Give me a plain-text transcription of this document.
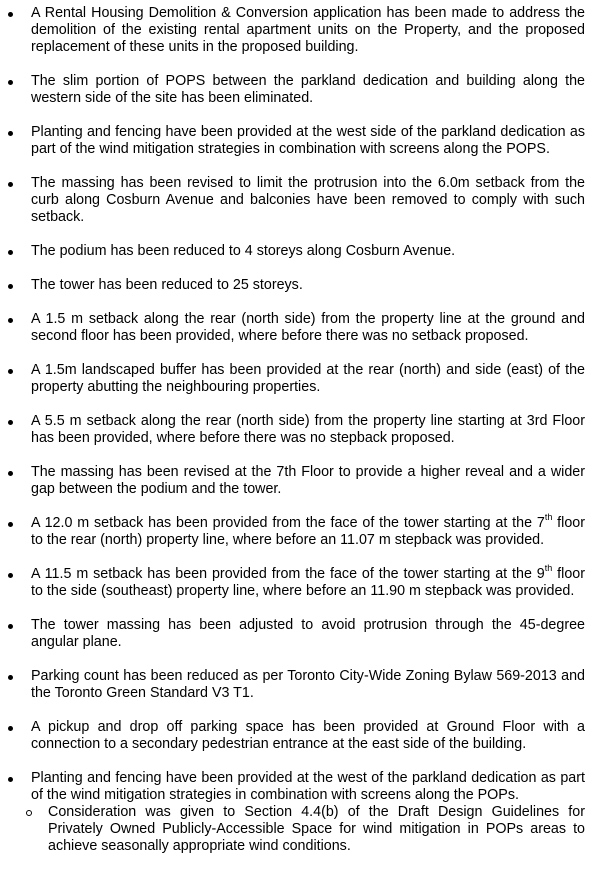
A Rental Housing Demolition & Conversion application has been made to address the demolition of the existing rental apartment units on the Property, and the proposed replacement of these units in the proposed building.
The slim portion of POPS between the parkland dedication and building along the western side of the site has been eliminated.
Planting and fencing have been provided at the west side of the parkland dedication as part of the wind mitigation strategies in combination with screens along the POPS.
The massing has been revised to limit the protrusion into the 6.0m setback from the curb along Cosburn Avenue and balconies have been removed to comply with such setback.
The podium has been reduced to 4 storeys along Cosburn Avenue.
The tower has been reduced to 25 storeys.
A 1.5 m setback along the rear (north side) from the property line at the ground and second floor has been provided, where before there was no setback proposed.
A 1.5m landscaped buffer has been provided at the rear (north) and side (east) of the property abutting the neighbouring properties.
A 5.5 m setback along the rear (north side) from the property line starting at 3rd Floor has been provided, where before there was no stepback proposed.
The massing has been revised at the 7th Floor to provide a higher reveal and a wider gap between the podium and the tower.
A 12.0 m setback has been provided from the face of the tower starting at the 7th floor to the rear (north) property line, where before an 11.07 m stepback was provided.
A 11.5 m setback has been provided from the face of the tower starting at the 9th floor to the side (southeast) property line, where before an 11.90 m stepback was provided.
The tower massing has been adjusted to avoid protrusion through the 45-degree angular plane.
Parking count has been reduced as per Toronto City-Wide Zoning Bylaw 569-2013 and the Toronto Green Standard V3 T1.
A pickup and drop off parking space has been provided at Ground Floor with a connection to a secondary pedestrian entrance at the east side of the building.
Planting and fencing have been provided at the west of the parkland dedication as part of the wind mitigation strategies in combination with screens along the POPs.
Consideration was given to Section 4.4(b) of the Draft Design Guidelines for Privately Owned Publicly-Accessible Space for wind mitigation in POPs areas to achieve seasonally appropriate wind conditions.
